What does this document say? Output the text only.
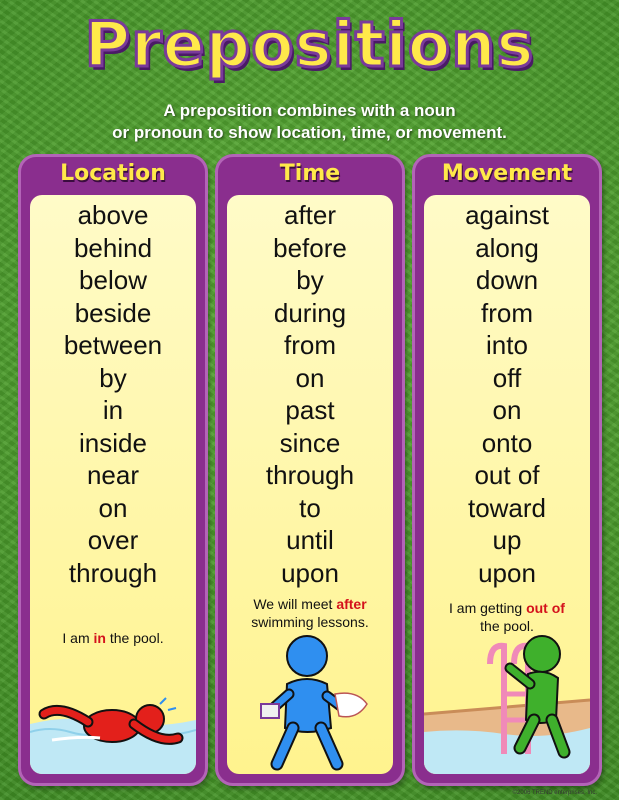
Prepositions
A preposition combines with a noun
or pronoun to show location, time, or movement.
Location
above
behind
below
beside
between
by
in
inside
near
on
over
through
I am in the pool.
Time
after
before
by
during
from
on
past
since
through
to
until
upon
We will meet after swimming lessons.
Movement
against
along
down
from
into
off
on
onto
out of
toward
up
upon
I am getting out of the pool.
©2006 TREND enterprises, Inc.
